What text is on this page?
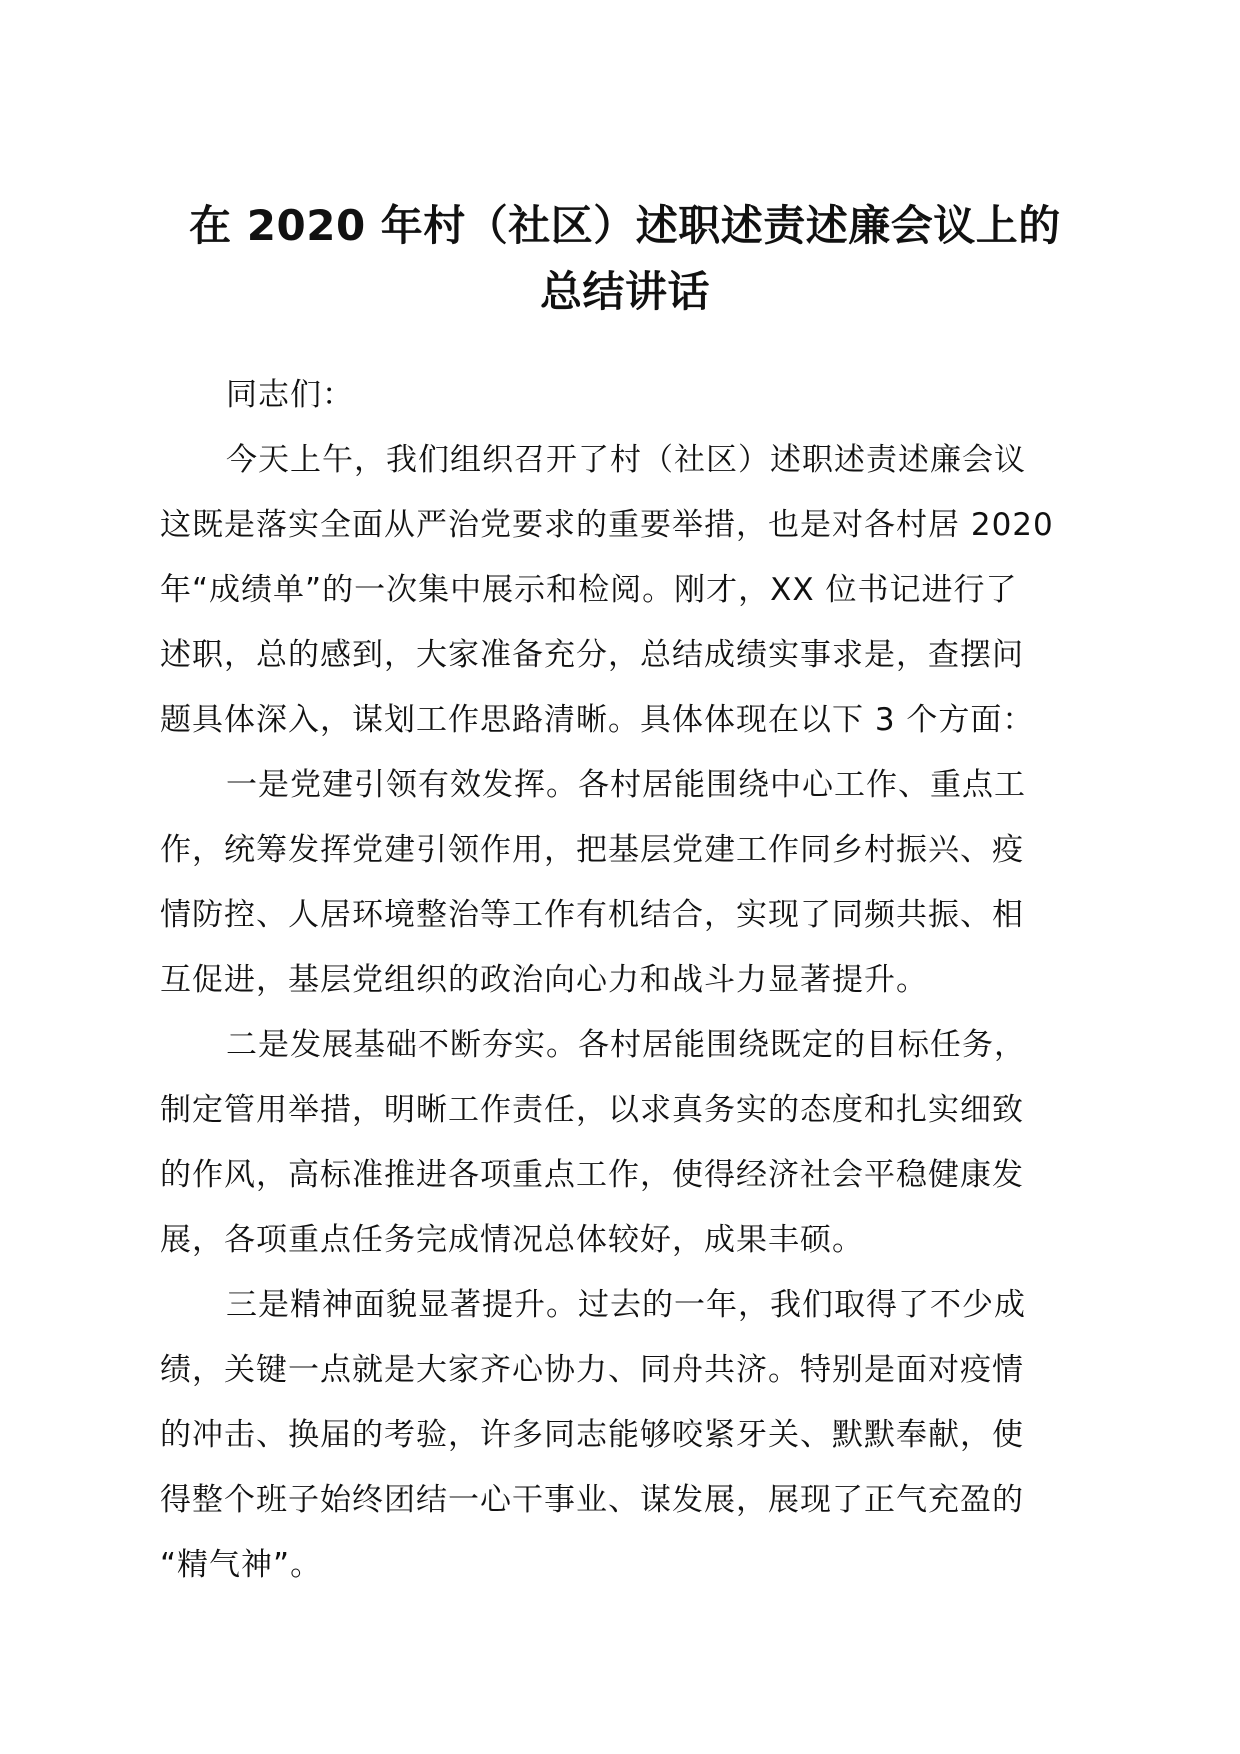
在 2020 年村（社区）述职述责述廉会议上的
总结讲话

同志们：

今天上午，我们组织召开了村（社区）述职述责述廉会议
这既是落实全面从严治党要求的重要举措，也是对各村居 2020
年“成绩单”的一次集中展示和检阅。刚才，XX 位书记进行了
述职，总的感到，大家准备充分，总结成绩实事求是，查摆问
题具体深入，谋划工作思路清晰。具体体现在以下 3 个方面：

一是党建引领有效发挥。各村居能围绕中心工作、重点工
作，统筹发挥党建引领作用，把基层党建工作同乡村振兴、疫
情防控、人居环境整治等工作有机结合，实现了同频共振、相
互促进，基层党组织的政治向心力和战斗力显著提升。

二是发展基础不断夯实。各村居能围绕既定的目标任务，
制定管用举措，明晰工作责任，以求真务实的态度和扎实细致
的作风，高标准推进各项重点工作，使得经济社会平稳健康发
展，各项重点任务完成情况总体较好，成果丰硕。

三是精神面貌显著提升。过去的一年，我们取得了不少成
绩，关键一点就是大家齐心协力、同舟共济。特别是面对疫情
的冲击、换届的考验，许多同志能够咬紧牙关、默默奉献，使
得整个班子始终团结一心干事业、谋发展，展现了正气充盈的
“精气神”。
